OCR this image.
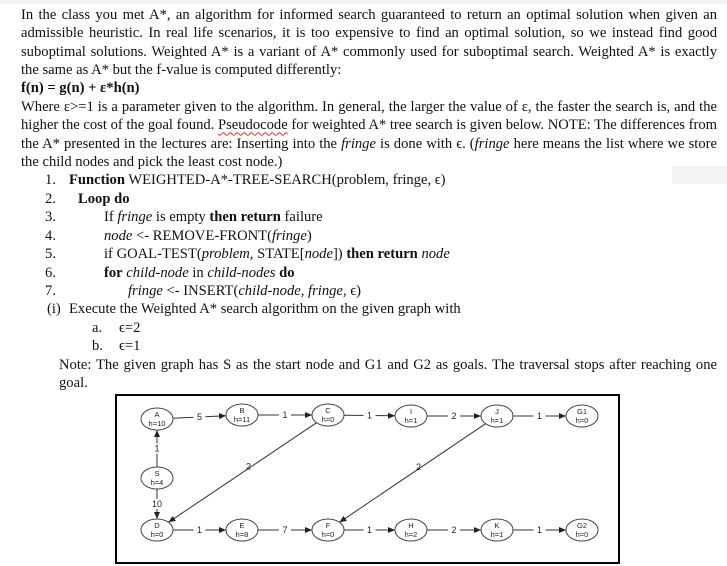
In the class you met A*, an algorithm for informed search guaranteed to return an optimal solution when given an admissible heuristic. In real life scenarios, it is too expensive to find an optimal solution, so we instead find good suboptimal solutions. Weighted A* is a variant of A* commonly used for suboptimal search. Weighted A* is exactly the same as A* but the f-value is computed differently:

f(n) = g(n) + ε*h(n)

Where ε>=1 is a parameter given to the algorithm. In general, the larger the value of ε, the faster the search is, and the higher the cost of the goal found. Pseudocode for weighted A* tree search is given below. NOTE: The differences from the A* presented in the lectures are: Inserting into the fringe is done with ϵ. (fringe here means the list where we store the child nodes and pick the least cost node.)

1. Function WEIGHTED-A*-TREE-SEARCH(problem, fringe, ϵ)
2. Loop do
3.	If fringe is empty then return failure
4.	node <- REMOVE-FRONT(fringe)
5.	if GOAL-TEST(problem, STATE[node]) then return node
6.	for child-node in child-nodes do
7.	fringe <- INSERT(child-node, fringe, ϵ)
(i) Execute the Weighted A* search algorithm on the given graph with
a. ϵ=2
b. ϵ=1
Note: The given graph has S as the start node and G1 and G2 as goals. The traversal stops after reaching one goal.
5	1	1	2	1
1
10
1	7	1	2	1
2	2
A
h=10
B
h=11
C
h=0
I
h=1
J
h=1
G1
h=0
S
h=4
D
h=0
E
h=8
F
h=0
H
h=2
K
h=1
G2
h=0
